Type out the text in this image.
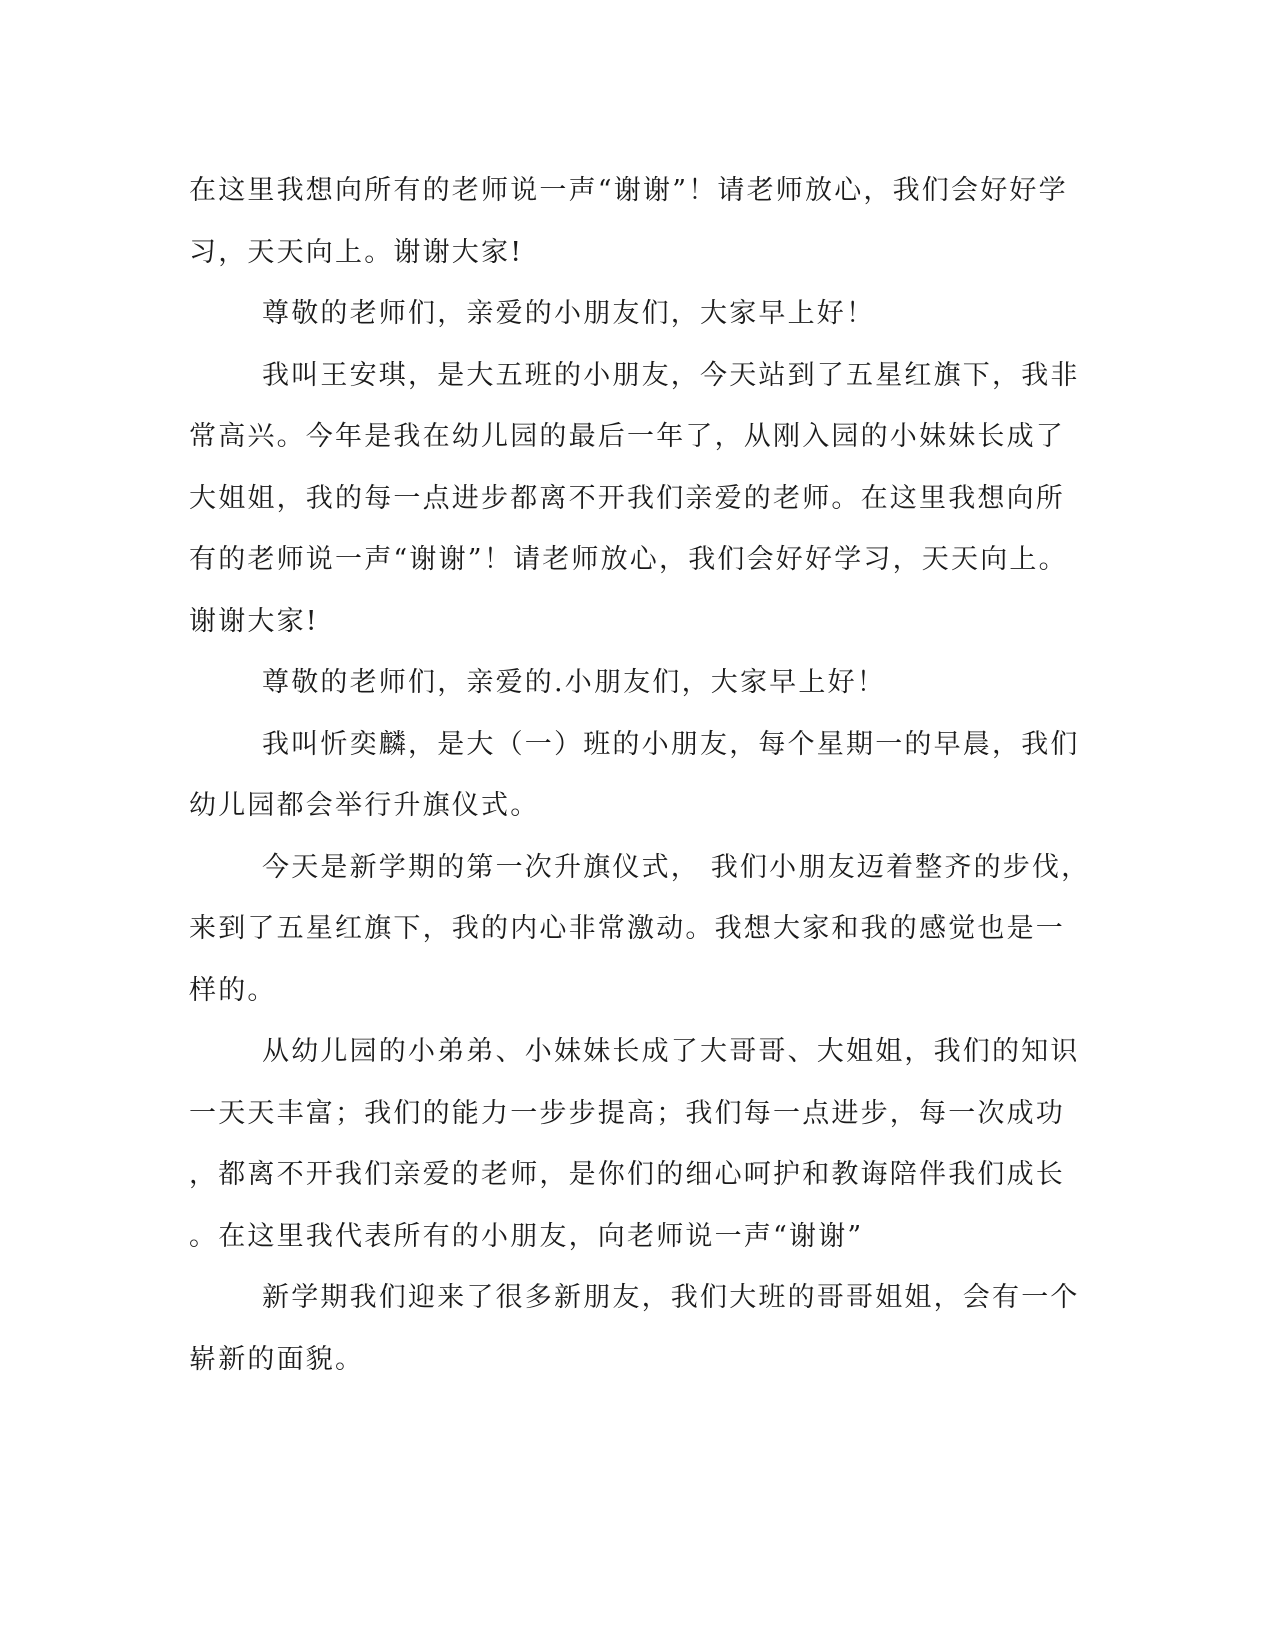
在这里我想向所有的老师说一声“谢谢”！请老师放心，我们会好好学
习，天天向上。谢谢大家!
尊敬的老师们，亲爱的小朋友们，大家早上好！
我叫王安琪，是大五班的小朋友，今天站到了五星红旗下，我非
常高兴。今年是我在幼儿园的最后一年了，从刚入园的小妹妹长成了
大姐姐，我的每一点进步都离不开我们亲爱的老师。在这里我想向所
有的老师说一声“谢谢”！请老师放心，我们会好好学习，天天向上。
谢谢大家!
尊敬的老师们，亲爱的.小朋友们，大家早上好！
我叫忻奕麟，是大（一）班的小朋友，每个星期一的早晨，我们
幼儿园都会举行升旗仪式。
今天是新学期的第一次升旗仪式， 我们小朋友迈着整齐的步伐，
来到了五星红旗下，我的内心非常激动。我想大家和我的感觉也是一
样的。
从幼儿园的小弟弟、小妹妹长成了大哥哥、大姐姐，我们的知识
一天天丰富；我们的能力一步步提高；我们每一点进步，每一次成功
，都离不开我们亲爱的老师，是你们的细心呵护和教诲陪伴我们成长
。在这里我代表所有的小朋友，向老师说一声“谢谢”
新学期我们迎来了很多新朋友，我们大班的哥哥姐姐，会有一个
崭新的面貌。
